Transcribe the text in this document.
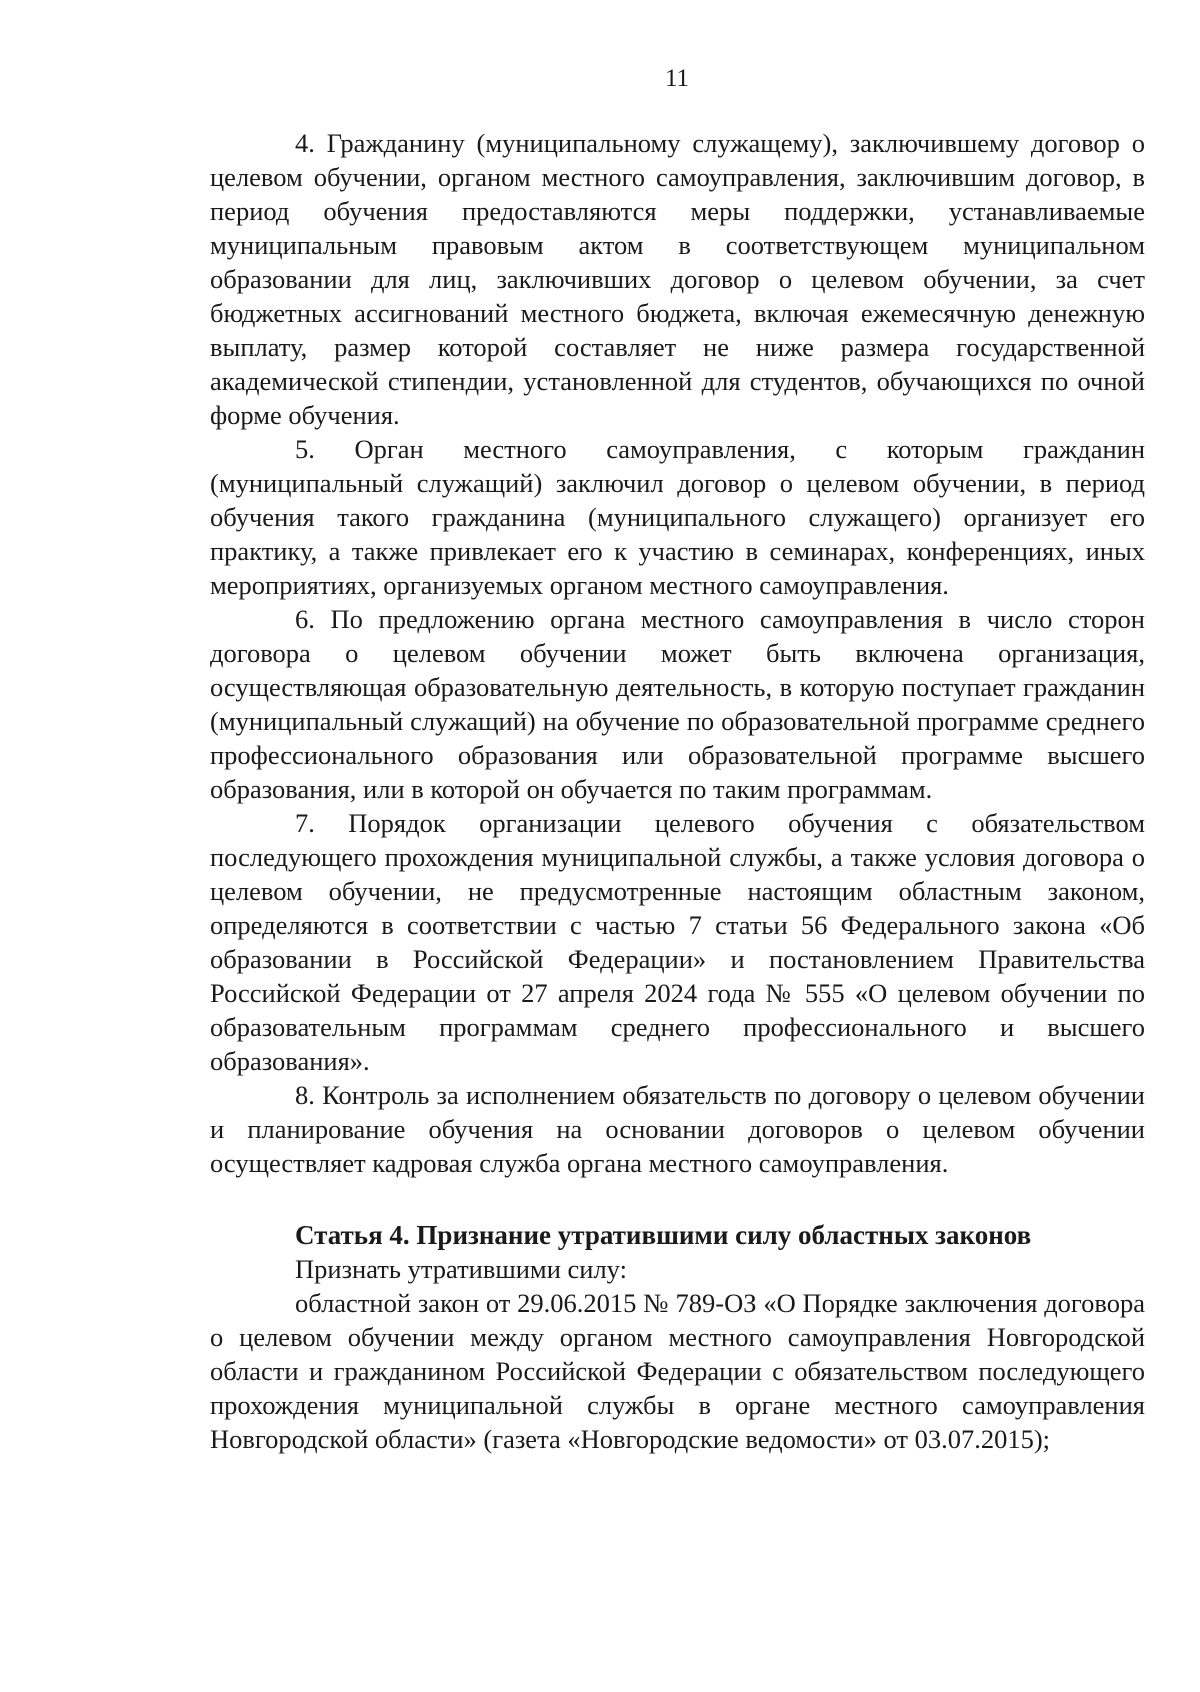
11

4. Гражданину (муниципальному служащему), заключившему договор о целевом обучении, органом местного самоуправления, заключившим договор, в период обучения предоставляются меры поддержки, устанавливаемые муниципальным правовым актом в соответствующем муниципальном образовании для лиц, заключивших договор о целевом обучении, за счет бюджетных ассигнований местного бюджета, включая ежемесячную денежную выплату, размер которой составляет не ниже размера государственной академической стипендии, установленной для студентов, обучающихся по очной форме обучения.

5. Орган местного самоуправления, с которым гражданин (муниципальный служащий) заключил договор о целевом обучении, в период обучения такого гражданина (муниципального служащего) организует его практику, а также привлекает его к участию в семинарах, конференциях, иных мероприятиях, организуемых органом местного самоуправления.

6. По предложению органа местного самоуправления в число сторон договора о целевом обучении может быть включена организация, осуществляющая образовательную деятельность, в которую поступает гражданин (муниципальный служащий) на обучение по образовательной программе среднего профессионального образования или образовательной программе высшего образования, или в которой он обучается по таким программам.

7. Порядок организации целевого обучения с обязательством последующего прохождения муниципальной службы, а также условия договора о целевом обучении, не предусмотренные настоящим областным законом, определяются в соответствии с частью 7 статьи 56 Федерального закона «Об образовании в Российской Федерации» и постановлением Правительства Российской Федерации от 27 апреля 2024 года № 555 «О целевом обучении по образовательным программам среднего профессионального и высшего образования».

8. Контроль за исполнением обязательств по договору о целевом обучении и планирование обучения на основании договоров о целевом обучении осуществляет кадровая служба органа местного самоуправления.

Статья 4. Признание утратившими силу областных законов

Признать утратившими силу:

областной закон от 29.06.2015 № 789-ОЗ «О Порядке заключения договора о целевом обучении между органом местного самоуправления Новгородской области и гражданином Российской Федерации с обязательством последующего прохождения муниципальной службы в органе местного самоуправления Новгородской области» (газета «Новгородские ведомости» от 03.07.2015);
